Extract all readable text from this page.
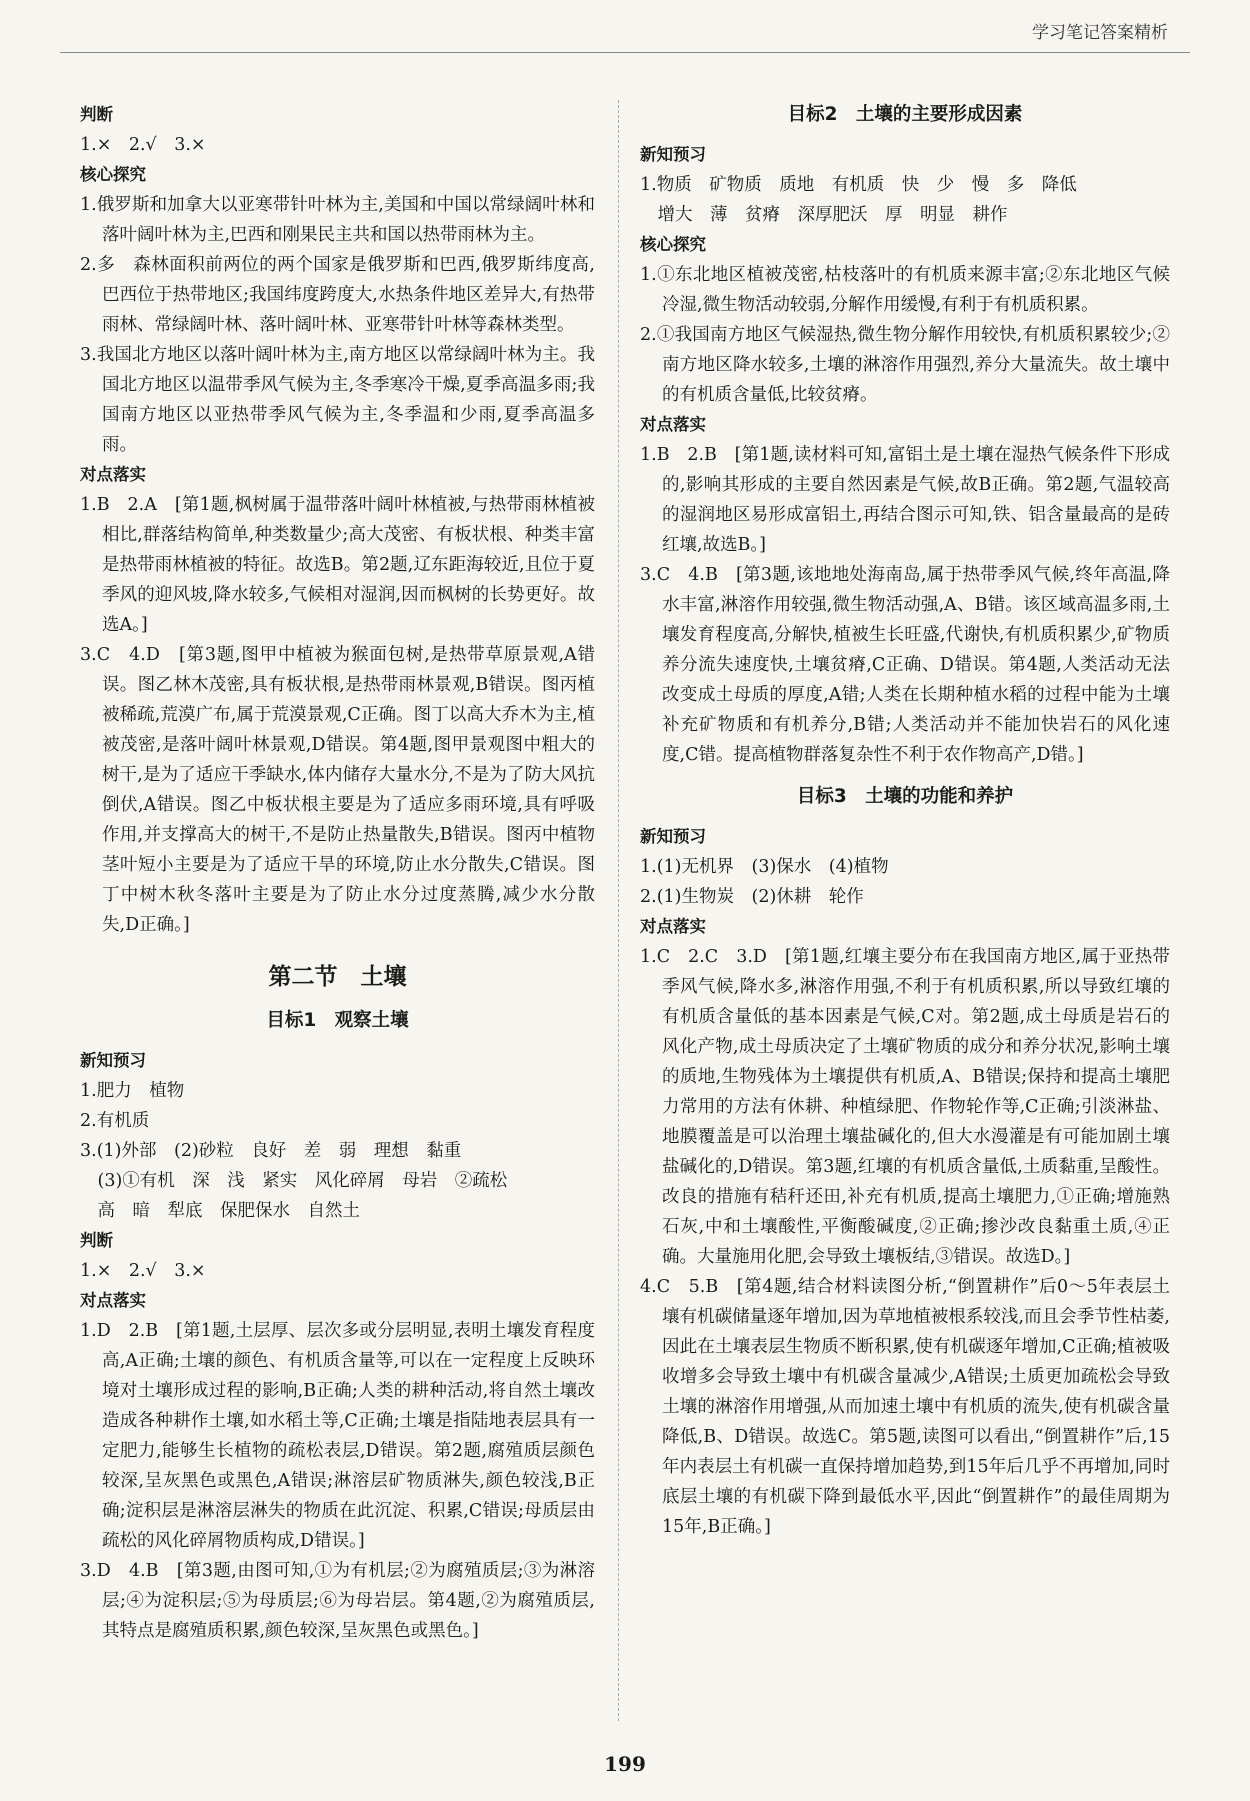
学习笔记答案精析
判断
1.×　2.√　3.×
核心探究
1.俄罗斯和加拿大以亚寒带针叶林为主,美国和中国以常绿阔叶林和落叶阔叶林为主,巴西和刚果民主共和国以热带雨林为主。
2.多　森林面积前两位的两个国家是俄罗斯和巴西,俄罗斯纬度高,巴西位于热带地区;我国纬度跨度大,水热条件地区差异大,有热带雨林、常绿阔叶林、落叶阔叶林、亚寒带针叶林等森林类型。
3.我国北方地区以落叶阔叶林为主,南方地区以常绿阔叶林为主。我国北方地区以温带季风气候为主,冬季寒冷干燥,夏季高温多雨;我国南方地区以亚热带季风气候为主,冬季温和少雨,夏季高温多雨。
对点落实
1.B　2.A　[第1题,枫树属于温带落叶阔叶林植被,与热带雨林植被相比,群落结构简单,种类数量少;高大茂密、有板状根、种类丰富是热带雨林植被的特征。故选B。第2题,辽东距海较近,且位于夏季风的迎风坡,降水较多,气候相对湿润,因而枫树的长势更好。故选A。]
3.C　4.D　[第3题,图甲中植被为猴面包树,是热带草原景观,A错误。图乙林木茂密,具有板状根,是热带雨林景观,B错误。图丙植被稀疏,荒漠广布,属于荒漠景观,C正确。图丁以高大乔木为主,植被茂密,是落叶阔叶林景观,D错误。第4题,图甲景观图中粗大的树干,是为了适应干季缺水,体内储存大量水分,不是为了防大风抗倒伏,A错误。图乙中板状根主要是为了适应多雨环境,具有呼吸作用,并支撑高大的树干,不是防止热量散失,B错误。图丙中植物茎叶短小主要是为了适应干旱的环境,防止水分散失,C错误。图丁中树木秋冬落叶主要是为了防止水分过度蒸腾,减少水分散失,D正确。]
第二节　土壤
目标1　观察土壤
新知预习
1.肥力　植物
2.有机质
3.(1)外部　(2)砂粒　良好　差　弱　理想　黏重
　(3)①有机　深　浅　紧实　风化碎屑　母岩　②疏松
　高　暗　犁底　保肥保水　自然土
判断
1.×　2.√　3.×
对点落实
1.D　2.B　[第1题,土层厚、层次多或分层明显,表明土壤发育程度高,A正确;土壤的颜色、有机质含量等,可以在一定程度上反映环境对土壤形成过程的影响,B正确;人类的耕种活动,将自然土壤改造成各种耕作土壤,如水稻土等,C正确;土壤是指陆地表层具有一定肥力,能够生长植物的疏松表层,D错误。第2题,腐殖质层颜色较深,呈灰黑色或黑色,A错误;淋溶层矿物质淋失,颜色较浅,B正确;淀积层是淋溶层淋失的物质在此沉淀、积累,C错误;母质层由疏松的风化碎屑物质构成,D错误。]
3.D　4.B　[第3题,由图可知,①为有机层;②为腐殖质层;③为淋溶层;④为淀积层;⑤为母质层;⑥为母岩层。第4题,②为腐殖质层,其特点是腐殖质积累,颜色较深,呈灰黑色或黑色。]
目标2　土壤的主要形成因素
新知预习
1.物质　矿物质　质地　有机质　快　少　慢　多　降低
　增大　薄　贫瘠　深厚肥沃　厚　明显　耕作
核心探究
1.①东北地区植被茂密,枯枝落叶的有机质来源丰富;②东北地区气候冷湿,微生物活动较弱,分解作用缓慢,有利于有机质积累。
2.①我国南方地区气候湿热,微生物分解作用较快,有机质积累较少;②南方地区降水较多,土壤的淋溶作用强烈,养分大量流失。故土壤中的有机质含量低,比较贫瘠。
对点落实
1.B　2.B　[第1题,读材料可知,富铝土是土壤在湿热气候条件下形成的,影响其形成的主要自然因素是气候,故B正确。第2题,气温较高的湿润地区易形成富铝土,再结合图示可知,铁、铝含量最高的是砖红壤,故选B。]
3.C　4.B　[第3题,该地地处海南岛,属于热带季风气候,终年高温,降水丰富,淋溶作用较强,微生物活动强,A、B错。该区域高温多雨,土壤发育程度高,分解快,植被生长旺盛,代谢快,有机质积累少,矿物质养分流失速度快,土壤贫瘠,C正确、D错误。第4题,人类活动无法改变成土母质的厚度,A错;人类在长期种植水稻的过程中能为土壤补充矿物质和有机养分,B错;人类活动并不能加快岩石的风化速度,C错。提高植物群落复杂性不利于农作物高产,D错。]
目标3　土壤的功能和养护
新知预习
1.(1)无机界　(3)保水　(4)植物
2.(1)生物炭　(2)休耕　轮作
对点落实
1.C　2.C　3.D　[第1题,红壤主要分布在我国南方地区,属于亚热带季风气候,降水多,淋溶作用强,不利于有机质积累,所以导致红壤的有机质含量低的基本因素是气候,C对。第2题,成土母质是岩石的风化产物,成土母质决定了土壤矿物质的成分和养分状况,影响土壤的质地,生物残体为土壤提供有机质,A、B错误;保持和提高土壤肥力常用的方法有休耕、种植绿肥、作物轮作等,C正确;引淡淋盐、地膜覆盖是可以治理土壤盐碱化的,但大水漫灌是有可能加剧土壤盐碱化的,D错误。第3题,红壤的有机质含量低,土质黏重,呈酸性。改良的措施有秸秆还田,补充有机质,提高土壤肥力,①正确;增施熟石灰,中和土壤酸性,平衡酸碱度,②正确;掺沙改良黏重土质,④正确。大量施用化肥,会导致土壤板结,③错误。故选D。]
4.C　5.B　[第4题,结合材料读图分析,“倒置耕作”后0～5年表层土壤有机碳储量逐年增加,因为草地植被根系较浅,而且会季节性枯萎,因此在土壤表层生物质不断积累,使有机碳逐年增加,C正确;植被吸收增多会导致土壤中有机碳含量减少,A错误;土质更加疏松会导致土壤的淋溶作用增强,从而加速土壤中有机质的流失,使有机碳含量降低,B、D错误。故选C。第5题,读图可以看出,“倒置耕作”后,15年内表层土有机碳一直保持增加趋势,到15年后几乎不再增加,同时底层土壤的有机碳下降到最低水平,因此“倒置耕作”的最佳周期为15年,B正确。]
199
